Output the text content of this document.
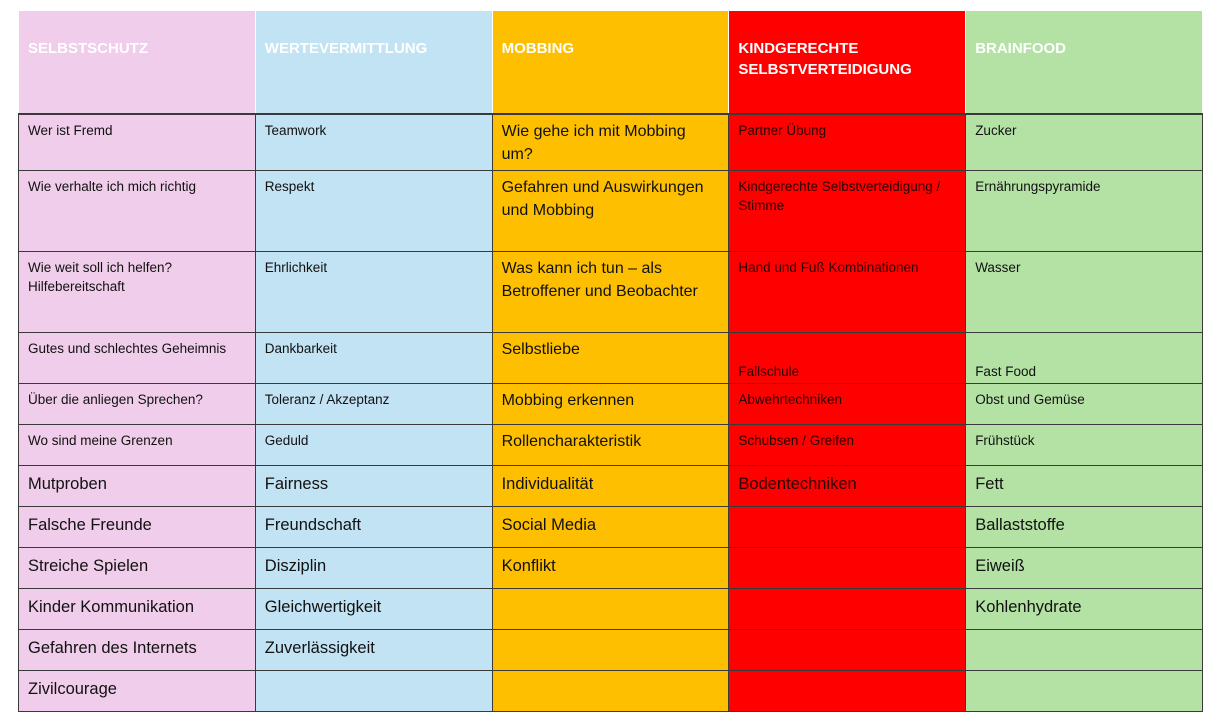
SELBSTSCHUTZ	WERTEVERMITTLUNG	MOBBING	KINDGERECHTE SELBSTVERTEIDIGUNG	BRAINFOOD
Wer ist Fremd	Teamwork	Wie gehe ich mit Mobbing um?	Partner Übung	Zucker
Wie verhalte ich mich richtig	Respekt	Gefahren und Auswirkungen und Mobbing	Kindgerechte Selbstverteidigung / Stimme	Ernährungspyramide
Wie weit soll ich helfen? Hilfebereitschaft	Ehrlichkeit	Was kann ich tun – als Betroffener und Beobachter	Hand und Fuß Kombinationen	Wasser
Gutes und schlechtes Geheimnis	Dankbarkeit	Selbstliebe	Fallschule	Fast Food
Über die anliegen Sprechen?	Toleranz / Akzeptanz	Mobbing erkennen	Abwehrtechniken	Obst und Gemüse
Wo sind meine Grenzen	Geduld	Rollencharakteristik	Schubsen / Greifen	Frühstück
Mutproben	Fairness	Individualität	Bodentechniken	Fett
Falsche Freunde	Freundschaft	Social Media		Ballaststoffe
Streiche Spielen	Disziplin	Konflikt		Eiweiß
Kinder Kommunikation	Gleichwertigkeit			Kohlenhydrate
Gefahren des Internets	Zuverlässigkeit			
Zivilcourage				
